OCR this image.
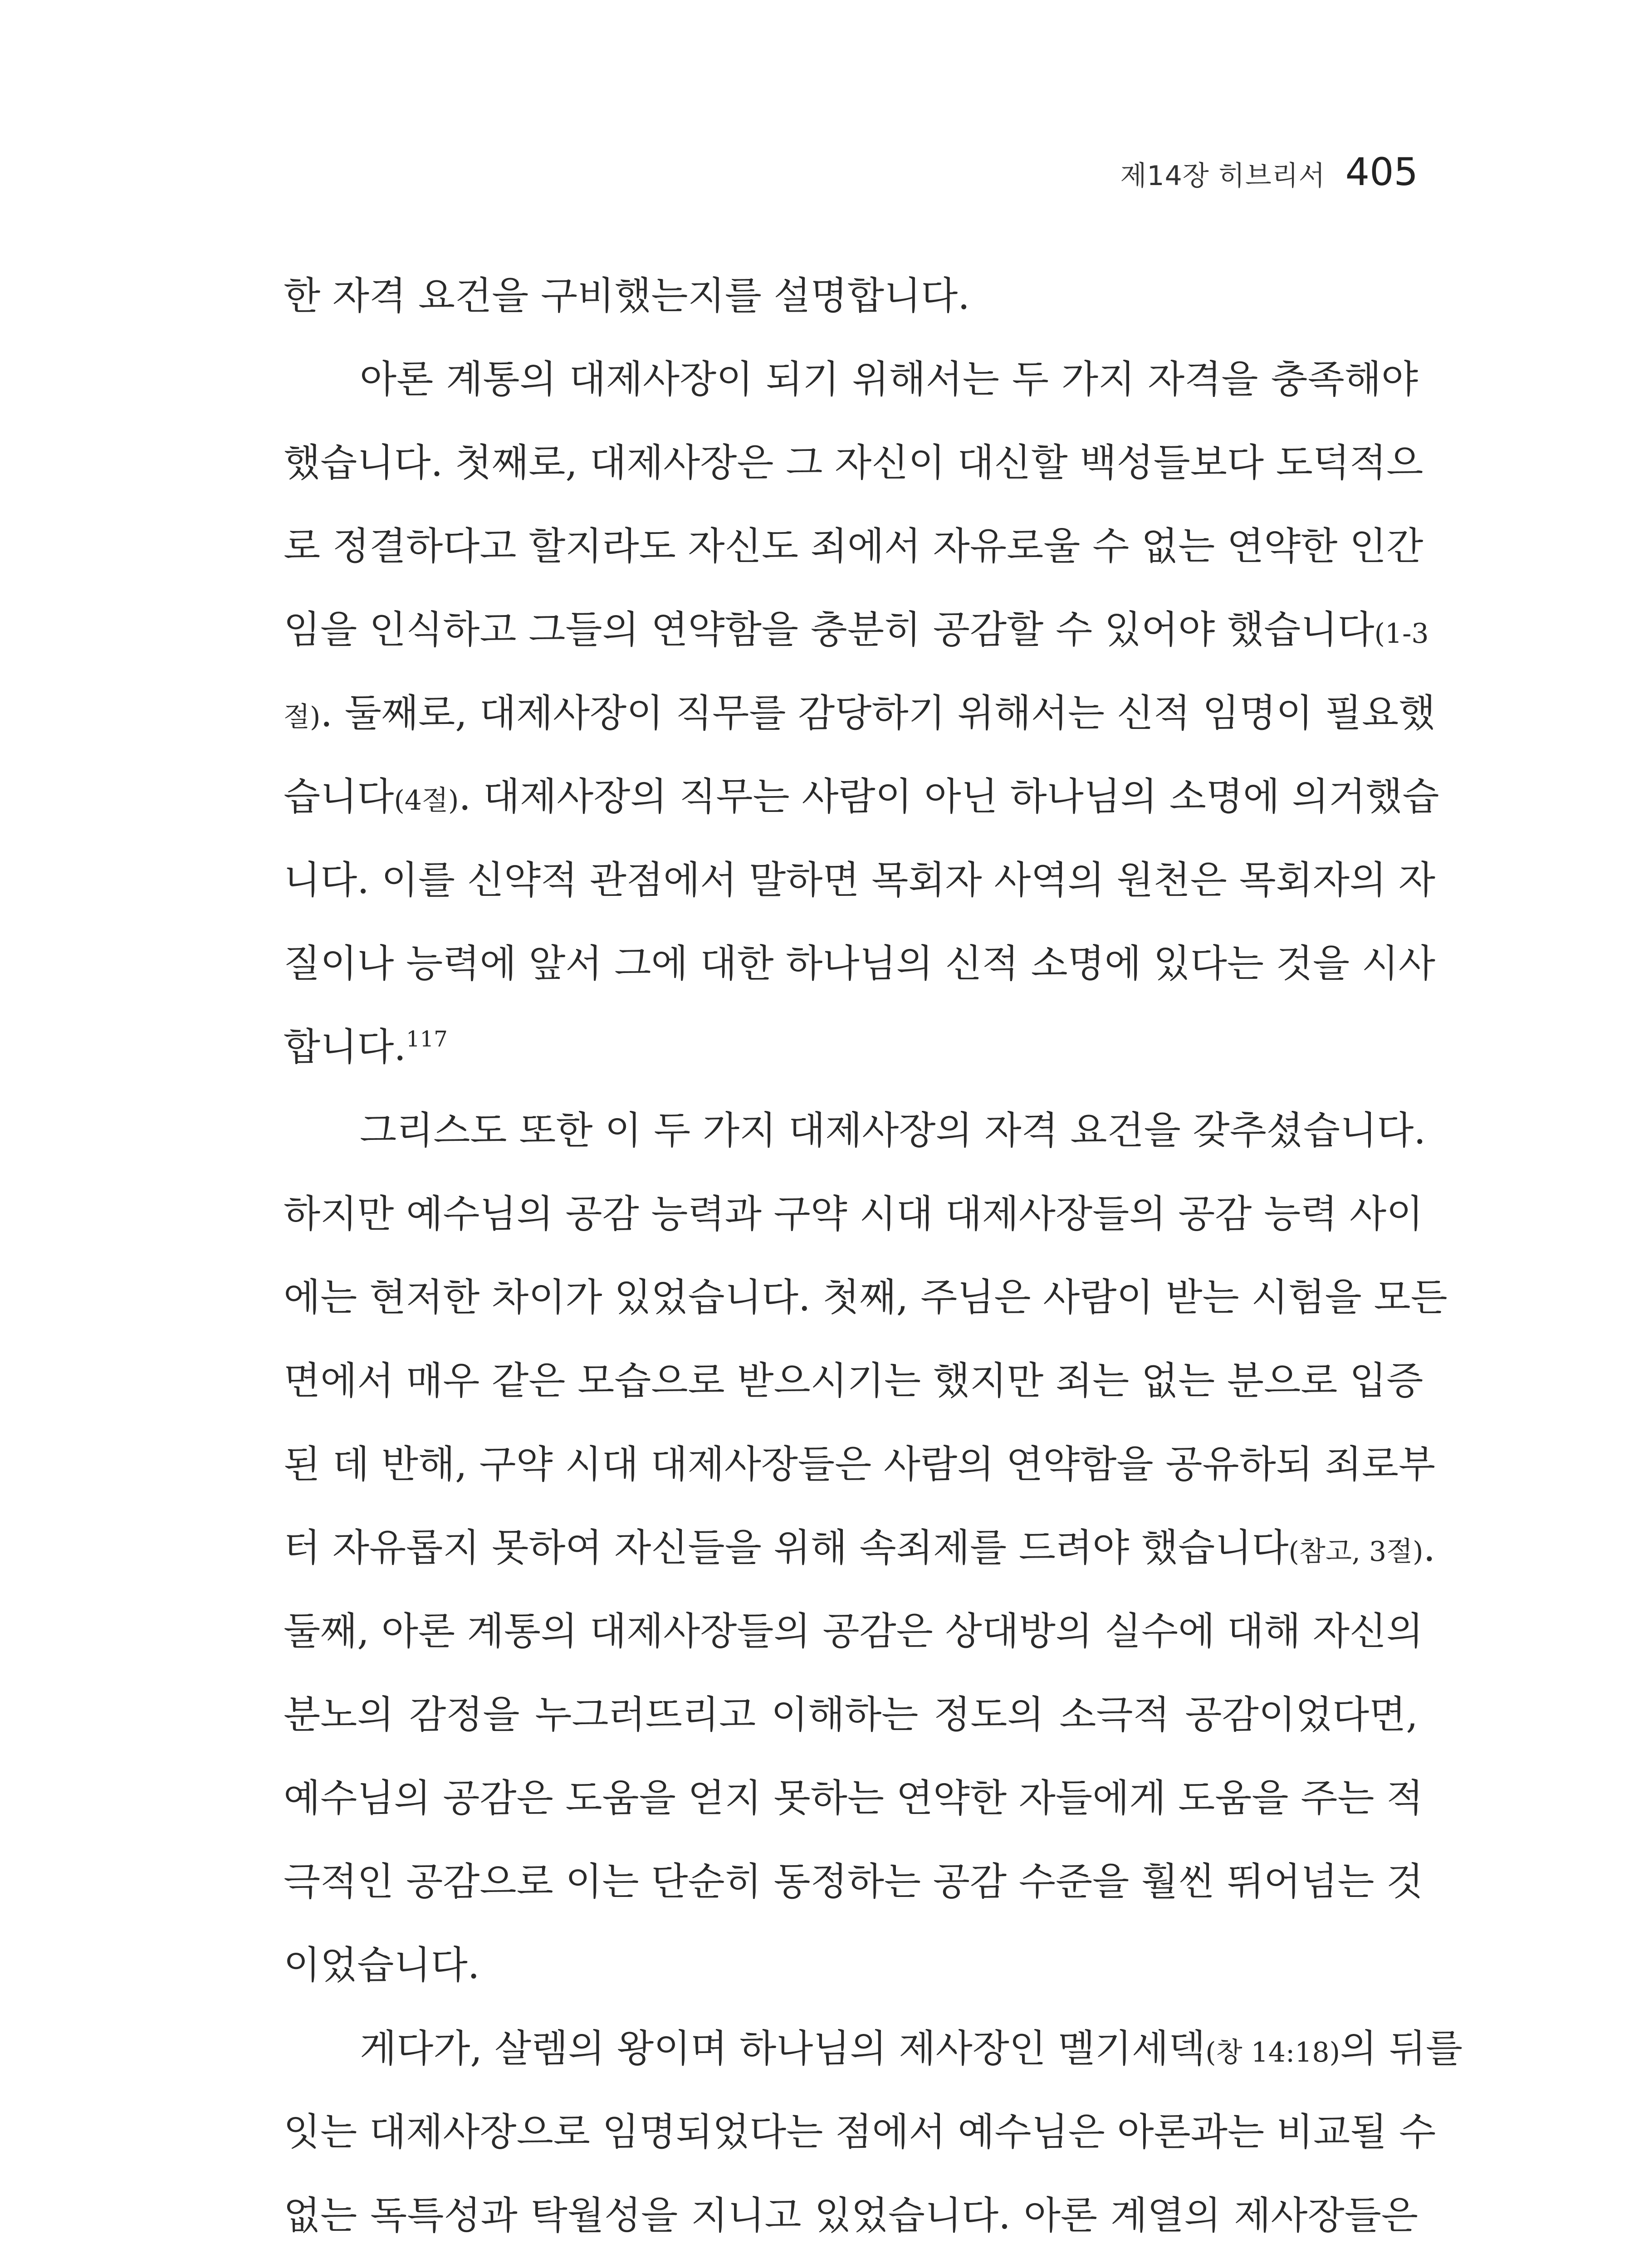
제14장 히브리서 405
한 자격 요건을 구비했는지를 설명합니다.
아론 계통의 대제사장이 되기 위해서는 두 가지 자격을 충족해야
했습니다. 첫째로, 대제사장은 그 자신이 대신할 백성들보다 도덕적으
로 정결하다고 할지라도 자신도 죄에서 자유로울 수 없는 연약한 인간
임을 인식하고 그들의 연약함을 충분히 공감할 수 있어야 했습니다(1-3
절). 둘째로, 대제사장이 직무를 감당하기 위해서는 신적 임명이 필요했
습니다(4절). 대제사장의 직무는 사람이 아닌 하나님의 소명에 의거했습
니다. 이를 신약적 관점에서 말하면 목회자 사역의 원천은 목회자의 자
질이나 능력에 앞서 그에 대한 하나님의 신적 소명에 있다는 것을 시사
합니다.$^{117}$
그리스도 또한 이 두 가지 대제사장의 자격 요건을 갖추셨습니다.
하지만 예수님의 공감 능력과 구약 시대 대제사장들의 공감 능력 사이
에는 현저한 차이가 있었습니다. 첫째, 주님은 사람이 받는 시험을 모든
면에서 매우 같은 모습으로 받으시기는 했지만 죄는 없는 분으로 입증
된 데 반해, 구약 시대 대제사장들은 사람의 연약함을 공유하되 죄로부
터 자유롭지 못하여 자신들을 위해 속죄제를 드려야 했습니다(참고, 3절).
둘째, 아론 계통의 대제사장들의 공감은 상대방의 실수에 대해 자신의
분노의 감정을 누그러뜨리고 이해하는 정도의 소극적 공감이었다면,
예수님의 공감은 도움을 얻지 못하는 연약한 자들에게 도움을 주는 적
극적인 공감으로 이는 단순히 동정하는 공감 수준을 훨씬 뛰어넘는 것
이었습니다.
게다가, 살렘의 왕이며 하나님의 제사장인 멜기세덱(창 14:18)의 뒤를
잇는 대제사장으로 임명되었다는 점에서 예수님은 아론과는 비교될 수
없는 독특성과 탁월성을 지니고 있었습니다. 아론 계열의 제사장들은
